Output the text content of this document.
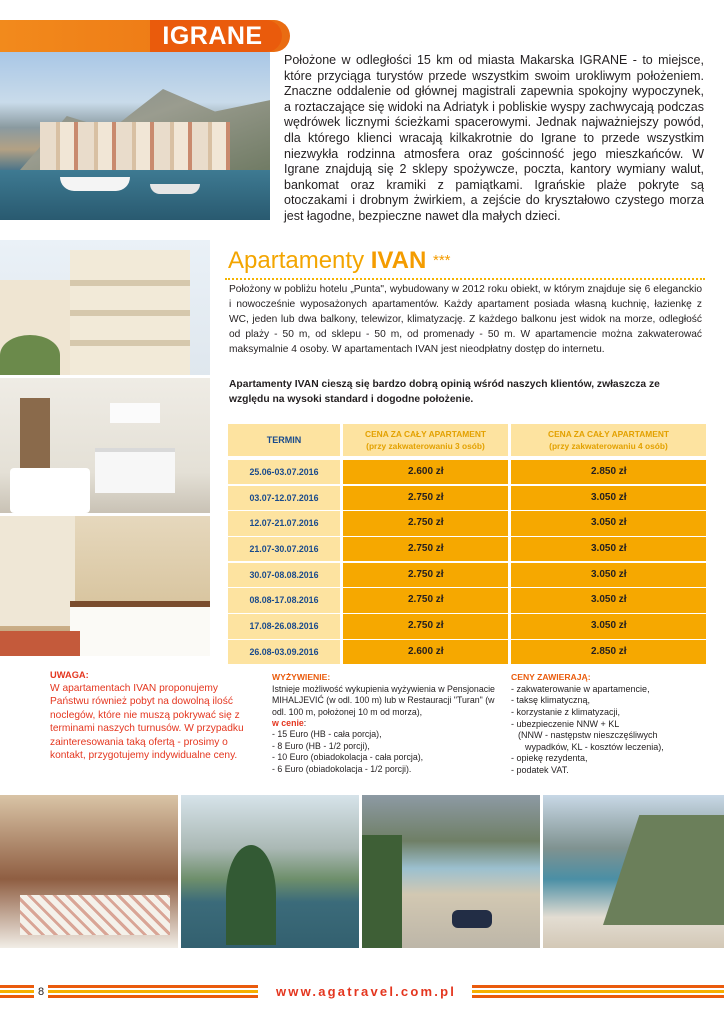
IGRANE

Położone w odległości 15 km od miasta Makarska IGRANE - to miejsce, które przyciąga turystów przede wszystkim swoim urokliwym położeniem. Znaczne oddalenie od głównej magistrali zapewnia spokojny wypoczynek, a roztaczające się widoki na Adriatyk i pobliskie wyspy zachwycają podczas wędrówek licznymi ścieżkami spacerowymi. Jednak najważniejszy powód, dla którego klienci wracają kilkakrotnie do Igrane to przede wszystkim niezwykła rodzinna atmosfera oraz gościnność jego mieszkańców. W Igrane znajdują się 2 sklepy spożywcze, poczta, kantory wymiany walut, bankomat oraz kramiki z pamiątkami. Igrańskie plaże pokryte są otoczakami i drobnym żwirkiem, a zejście do kryształowo czystego morza jest łagodne, bezpieczne nawet dla małych dzieci.

Apartamenty IVAN ***

Położony w pobliżu hotelu „Punta", wybudowany w 2012 roku obiekt, w którym znajduje się 6 eleganckio i nowocześnie wyposażonych apartamentów. Każdy apartament posiada własną kuchnię, łazienkę z WC, jeden lub dwa balkony, telewizor, klimatyzację. Z każdego balkonu jest widok na morze, odległość od plaży - 50 m, od sklepu - 50 m, od promenady - 50 m. W apartamencie można zakwaterować maksymalnie 4 osoby. W apartamentach IVAN jest nieodpłatny dostęp do internetu.

Apartamenty IVAN cieszą się bardzo dobrą opinią wśród naszych klientów, zwłaszcza ze względu na wysoki standard i dogodne położenie.

TERMIN
CENA ZA CAŁY APARTAMENT
(przy zakwaterowaniu 3 osób)
CENA ZA CAŁY APARTAMENT
(przy zakwaterowaniu 4 osób)
25.06-03.07.2016	2.600 zł	2.850 zł
03.07-12.07.2016	2.750 zł	3.050 zł
12.07-21.07.2016	2.750 zł	3.050 zł
21.07-30.07.2016	2.750 zł	3.050 zł
30.07-08.08.2016	2.750 zł	3.050 zł
08.08-17.08.2016	2.750 zł	3.050 zł
17.08-26.08.2016	2.750 zł	3.050 zł
26.08-03.09.2016	2.600 zł	2.850 zł
UWAGA:
W apartamentach IVAN proponujemy Państwu również pobyt na dowolną ilość noclegów, które nie muszą pokrywać się z terminami naszych turnusów. W przypadku zainteresowania taką ofertą - prosimy o kontakt, przygotujemy indywidualne ceny.
WYŻYWIENIE:
Istnieje możliwość wykupienia wyżywienia w Pensjonacie MIHALJEVIĆ (w odl. 100 m) lub w Restauracji "Turan" (w odl. 100 m, położonej 10 m od morza),
w cenie:
- 15 Euro (HB - cała porcja),
- 8 Euro (HB - 1/2 porcji),
- 10 Euro (obiadokolacja - cała porcja),
- 6 Euro (obiadokolacja - 1/2 porcji).
CENY ZAWIERAJĄ:
- zakwaterowanie w apartamencie,
- taksę klimatyczną,
- korzystanie z klimatyzacji,
- ubezpieczenie NNW + KL
(NNW - następstw nieszczęśliwych
wypadków, KL - kosztów leczenia),
- opiekę rezydenta,
- podatek VAT.
8	www.agatravel.com.pl
